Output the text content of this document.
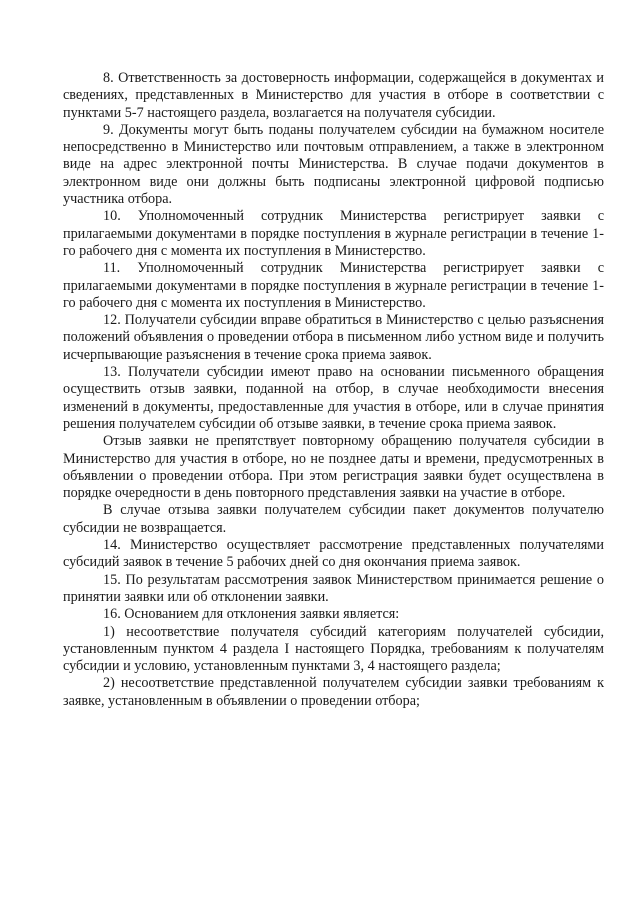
8. Ответственность за достоверность информации, содержащейся в документах и сведениях, представленных в Министерство для участия в отборе в соответствии с пунктами 5-7 настоящего раздела, возлагается на получателя субсидии.

9. Документы могут быть поданы получателем субсидии на бумажном носителе непосредственно в Министерство или почтовым отправлением, а также в электронном виде на адрес электронной почты Министерства. В случае подачи документов в электронном виде они должны быть подписаны электронной цифровой подписью участника отбора.

10. Уполномоченный сотрудник Министерства регистрирует заявки с прилагаемыми документами в порядке поступления в журнале регистрации в течение 1-го рабочего дня с момента их поступления в Министерство.

11. Уполномоченный сотрудник Министерства регистрирует заявки с прилагаемыми документами в порядке поступления в журнале регистрации в течение 1-го рабочего дня с момента их поступления в Министерство.

12. Получатели субсидии вправе обратиться в Министерство с целью разъяснения положений объявления о проведении отбора в письменном либо устном виде и получить исчерпывающие разъяснения в течение срока приема заявок.

13. Получатели субсидии имеют право на основании письменного обращения осуществить отзыв заявки, поданной на отбор, в случае необходимости внесения изменений в документы, предоставленные для участия в отборе, или в случае принятия решения получателем субсидии об отзыве заявки, в течение срока приема заявок.

Отзыв заявки не препятствует повторному обращению получателя субсидии в Министерство для участия в отборе, но не позднее даты и времени, предусмотренных в объявлении о проведении отбора. При этом регистрация заявки будет осуществлена в порядке очередности в день повторного представления заявки на участие в отборе.

В случае отзыва заявки получателем субсидии пакет документов получателю субсидии не возвращается.

14. Министерство осуществляет рассмотрение представленных получателями субсидий заявок в течение 5 рабочих дней со дня окончания приема заявок.

15. По результатам рассмотрения заявок Министерством принимается решение о принятии заявки или об отклонении заявки.

16. Основанием для отклонения заявки является:

1) несоответствие получателя субсидий категориям получателей субсидии, установленным пунктом 4 раздела I настоящего Порядка, требованиям к получателям субсидии и условию, установленным пунктами 3, 4 настоящего раздела;

2) несоответствие представленной получателем субсидии заявки требованиям к заявке, установленным в объявлении о проведении отбора;
